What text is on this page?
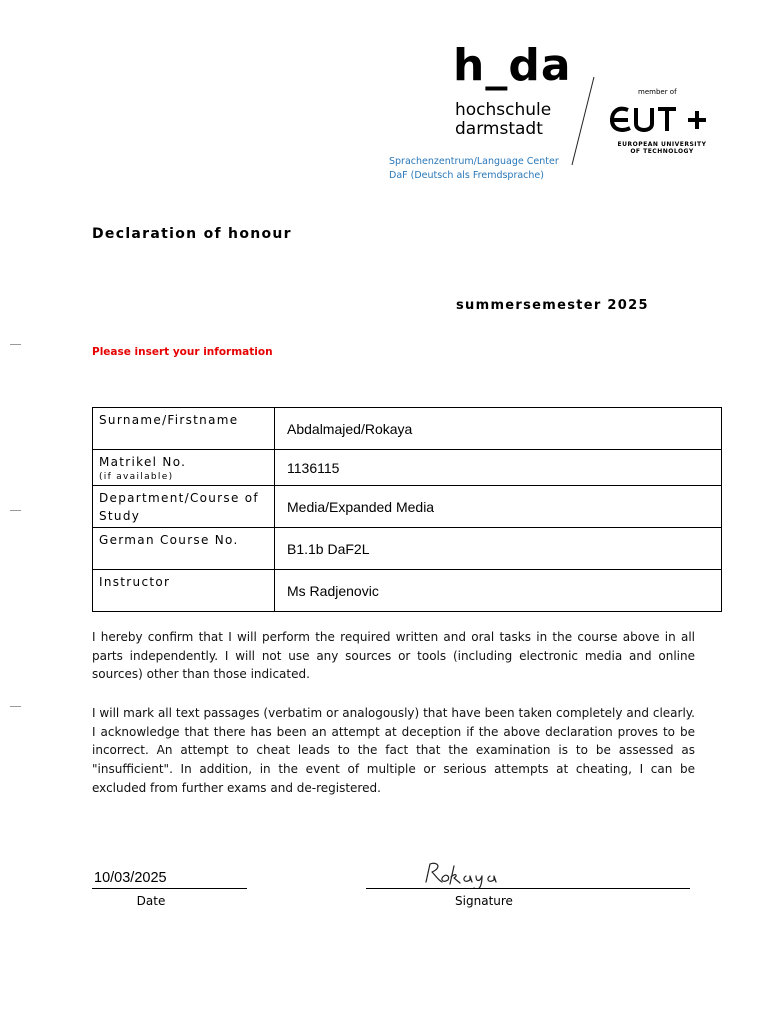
h_da
hochschule
darmstadt
Sprachenzentrum/Language Center
DaF (Deutsch als Fremdsprache)
member of
EUROPEAN UNIVERSITY
OF TECHNOLOGY
Declaration of honour
summersemester 2025
Please insert your information
Surname/Firstname	Abdalmajed/Rokaya
Matrikel No.
(if available)	1136115
Department/Course of Study	Media/Expanded Media
German Course No.	B1.1b DaF2L
Instructor	Ms Radjenovic
I hereby confirm that I will perform the required written and oral tasks in the course above in all parts independently. I will not use any sources or tools (including electronic media and online sources) other than those indicated.
I will mark all text passages (verbatim or analogously) that have been taken completely and clearly. I acknowledge that there has been an attempt at deception if the above declaration proves to be incorrect. An attempt to cheat leads to the fact that the examination is to be assessed as "insufficient". In addition, in the event of multiple or serious attempts at cheating, I can be excluded from further exams and de-registered.
10/03/2025
Date	Signature
